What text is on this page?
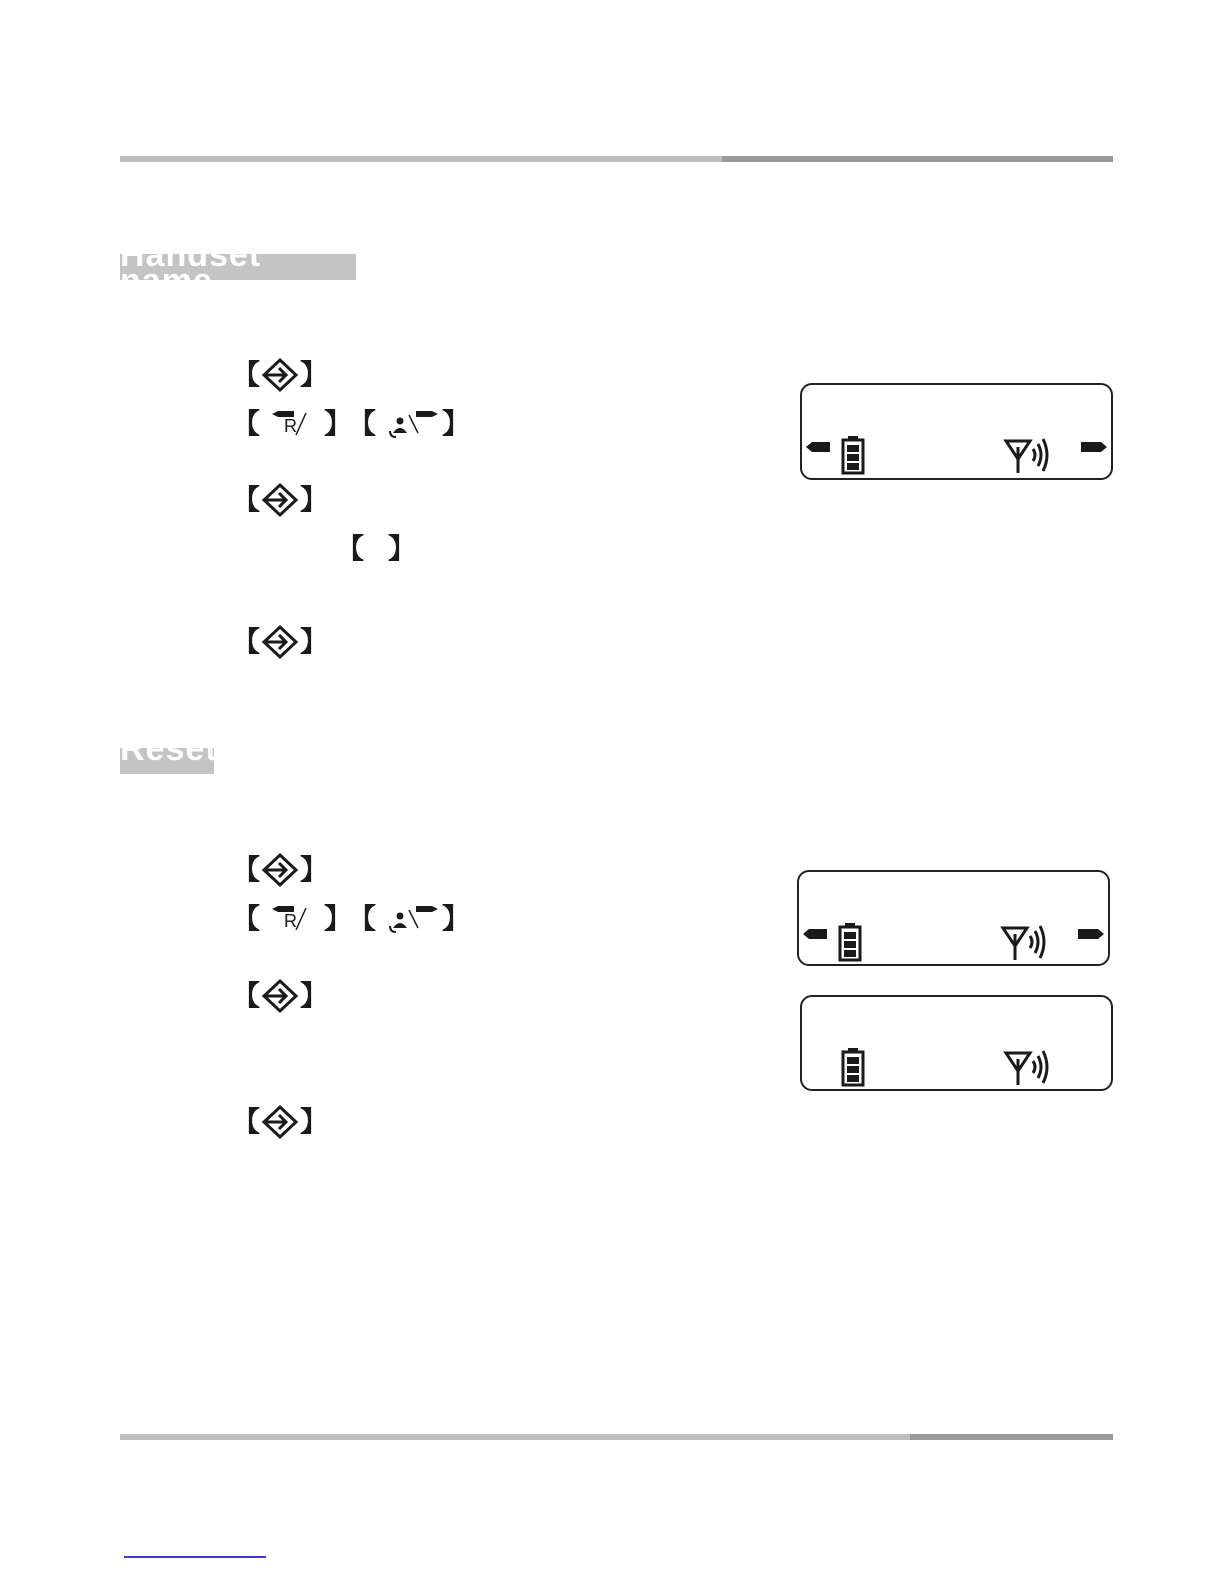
Handset name
【 】
【 R 】
【 】
【 】
【 】
【 】
Reset
【 】
【 R 】
【 】
【 】
【 】
